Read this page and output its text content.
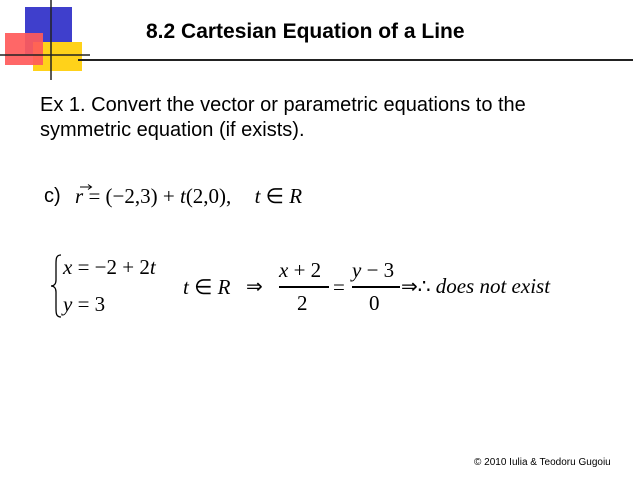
8.2 Cartesian Equation of a Line
Ex 1. Convert the vector or parametric equations to the
symmetric equation (if exists).
c) r = (−2,3) + t(2,0), t ∈ R
x = −2 + 2t
y = 3
t ∈ R ⇒
x + 2
2
=
y − 3
0
⇒∴ does not exist
© 2010 Iulia & Teodoru Gugoiu
